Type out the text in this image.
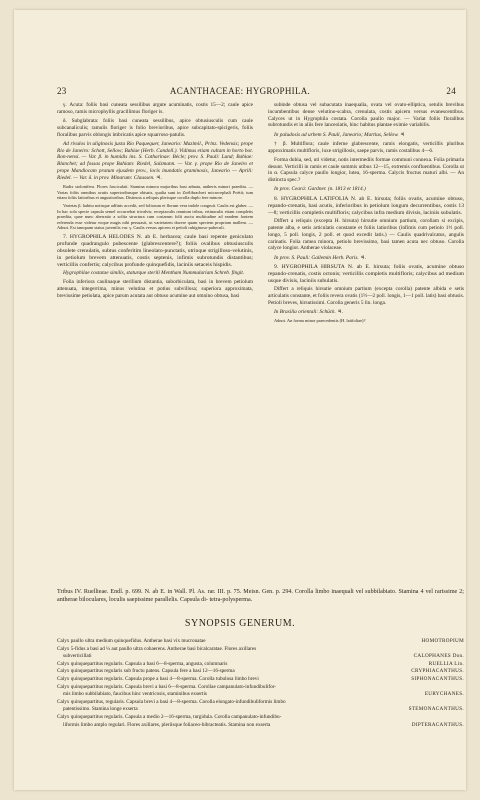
23	ACANTHACEAE: HYGROPHILA.	24

γ. Acuta: foliis basi cuneata sessilibus argute acuminatis, costis 15—2; caule apice ramoso, ramis microphyllis gracillimus floriger is.

δ. Subglabrata: foliis basi cuneata sessilibus, apice obtusiusculis cum caule subcanaliculis; ramulis floriger is folio brevioribus, apice subcapitato-spicigeris, foliis floralibus parvis oblongis imbricatis apice squarroso-patulis.

Ad rivulos in uliginosis juxta Rio Paquequer, Janeario: Mazimil., Prinz. Vedensis; prope Rio de Janeiro: Schott, Sellow; Bahiae (Herb. Candoll.). Vidimus etiam cultam in horto bot. Bon-nensi. — Var. β. in humidis ins. S. Catharinae: Bécle; prov. S. Pauli: Lund; Bahiae: Blanchet; ad fossas prope Bahiam: Riedel, Salzmann. — Var. γ. prope Rio de Janeiro et prope Mandiocam pratum ejusdem prov., locis inundatis graminosis, Janeario — Aprili: Riedel. — Var. δ. in prov. Minarum: Claussen. ♃.

Radix stolonifera. Flores fasciculati. Stamina minora majoribus basi adnata, antheris minori praedita. — Varias foliis omnibus acutis superioribusque obtusis, qualia sunt in Zoëlibracheri microcephali Poëtii; tum etiam foliis latioribus et angustioribus. Distincta a reliquis plerisque corolla duplo fere minore.

Varietas β. habitu notisque adfinis accedit, sed foliorum et florum vera indole congruit. Caulis est glaber. — In hac sola specie capsula semel occurrebat trivalvis; receptaculis omnium tribus, retinaculis etiam completis praedita, quae nunc aberratio a solita structura cum costarum folii auctu multitudine ad eandem fontem referenda esse videtur eoque magis nihi persuasit, ut varietatem ducere quam speciem propriam mallem. — Adnot. Est tamquam status juvenilis var. γ. Caulis versus apicem et petioli rubiginoso-pubeculi.

7. HYGROPHILA HELODES N. ab E. herbacea; caule basi repente geniculato profunde quadrangulo pubescente (glabrescentere?); foliis ovalibus obtusiusculis obsolete crenulatis, subtus conferitim lineolato-punctatis, utrinque strigilloso-velutinis, in petiolum brevem attenuatis, costis septenis, infimis subrotundis distantibus; verticillis confertis; calycibus profunde quinquefidis, laciniis setaceis hispidis.

Hygrophilae costatae similis, staturque sterili Mentham Nummulariam Schreb. fingit.

Folia inferiora caulinaque sterilium distantia, suborbiculata, basi in brevem petiolum attenuata, integerrima, minus velutina et potius subvillosa; superiora approximata, breviusime petiolata, apice parum acutata aut obtuso acumine aut omnino obtusa, basi

subinde obtusa vel subacutata inaequalia, ovata vel ovato-elliptica, setulis brevibus incumbentibus dense velutino-scabra, crenulata, costis apicem versus evanescentibus. Calyces ut in Hygrophila costata. Corolla paullo major. — Variat foliis floralibus subrotundis et in aliis fere lanceolatis, hinc habitus plantae eximie variabilis.

In paludosis ad urbem S. Pauli, Janeario; Martius, Sellow. ♃

† β. Multiflora; caule inferne glabrescente, ramis elongatis, verticillis pluribus approximatis multifloris, luxe strigillosis, saepe parvis, ramis costalibus 4—6.

Forma dubia, sed, uti videtur, notis intermediis formae communi connexa. Folia primaria desunt. Verticilli in ramis et caule summis utibus 12—15, extremis confluentibus. Corolla ut in α. Capsula calyce paullo longior, lutea, 16-sperma. Calycis fructus maturi albi. — An distincta spec.?

In prov. Ceará: Gardner. (n. 1813 et 1814.)

8. HYGROPHILA LATIFOLIA N. ab E. hirsuta; foliis ovatis, acumine obtuso, repando-crenatis, basi acutis, inferioribus in petiolum longum decurrentibus, costis 13—8; verticillis completis multifloris; calycibus infra medium divisis, laciniis subulatis.

Differt a reliquis (excepta H. hirsuta) hirsutie omnium partium, corollam si excipis, patente alba, e setis articulatis constante et foliis latioribus (infimis cum petiolo 1½ poll. longo, 5 poll. longis, 2 poll. et quod excedit latis.) — Caulis quadrivalcatus, angulis carinatis. Folia ramea minora, petiolo brevissimo, basi tamen acuta nec obtuso. Corolla calyce longior. Antherae violaceae.

In prov. S. Pauli: Gallemin Herb. Paris. ♃.

9. HYGROPHILA HIRSUTA N. ab E. hirsuta; foliis ovatis, acumine obtuso repando-crenatis, costis octonis; verticillis completis multifloris; calycibus ad medium usque divisis, laciniis subulatis.

Differt a reliquis hirsutie omnium partium (excepta corolla) patente albida e setis articulatis constante, et foliis revera ovatis (1½—2 poll. longis, 1—1 poll. latis) basi obtusis. Petioli breves, hirsutissimi. Corolla generis 5 lin. longa.

In Brasilia orientali: Schück. ♃.

Adnot. An forma minor praecedentis (H. latifoliae)?

Tribus IV. Ruellieae. Endl. p. 699. N. ab E. in Wall. Pl. As. rar. III. p. 75. Meisn. Gen. p. 294. Corolla limbo inaequali vel subbilabiato. Stamina 4 vel rarissime 2; antherae biloculares, loculis saepissime parallelis. Capsula di- tetra-polysperma.
SYNOPSIS GENERUM.
Calyx paullo ultra medium quinquefidus. Antherae basi vix mucronatae	HOMOTROPIUM
Calyx 5-fidus a basi ad ¼ aut paullo ultra cohaerens. Antherae basi bicalcaratae. Flores axillares
subverticillati	CALOPHANES Don.
Calyx quinquepartitus regularis. Capsula a basi 6—8-sperma, angusta, columnaris	RUELLIA Lin.
Calyx quinquepartitus regularis sub fructu patens. Capsula fere a basi 12—16-sperma	CRYPHIACANTHUS.
Calyx quinquepartitus regularis. Capsula prope a basi 4—8-sperma. Corolla tubulosa limbo brevi	SIPHONACANTHUS.
Calyx quinquepartitus regularis. Capsula brevi a basi 6—8-sperma. Corollae campanulato-infundibulifor-
mis limbo subbilabiato, faucibus hinc ventricosis, staminibus exsertis	EURYCHANES.
Calyx quinquepartitus, regularis. Capsula brevi a basi 4—8-sperma. Corolla elongato-infundibuliformis limbo
patentissimo. Stamina longe exserta	STEMONACANTHUS.
Calyx quinquepartitus regularis. Capsula a medio 2—16-sperma, turgidula. Corolla campanulato-infundibu-
liformis limbo amplo regulari. Flores axillares, pleriisque foliaceo-bibracteatis. Stamina non exserta	DIPTERACANTHUS.
